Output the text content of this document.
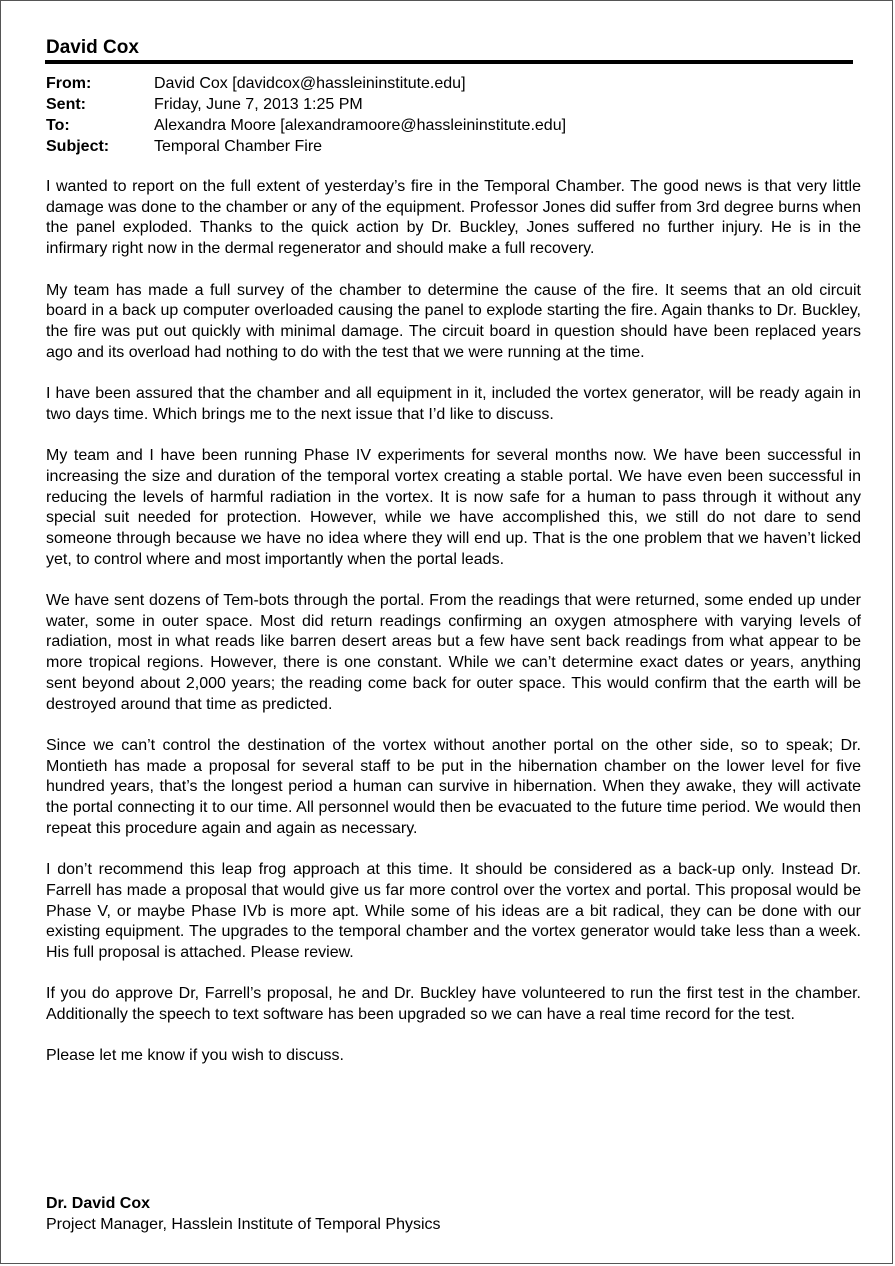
David Cox
From:	David Cox [davidcox@hassleininstitute.edu]
Sent:	Friday, June 7, 2013 1:25 PM
To:	Alexandra Moore [alexandramoore@hassleininstitute.edu]
Subject:	Temporal Chamber Fire

I wanted to report on the full extent of yesterday’s fire in the Temporal Chamber. The good news is that very little damage was done to the chamber or any of the equipment. Professor Jones did suffer from 3rd degree burns when the panel exploded. Thanks to the quick action by Dr. Buckley, Jones suffered no further injury. He is in the infirmary right now in the dermal regenerator and should make a full recovery.

My team has made a full survey of the chamber to determine the cause of the fire. It seems that an old circuit board in a back up computer overloaded causing the panel to explode starting the fire. Again thanks to Dr. Buckley, the fire was put out quickly with minimal damage. The circuit board in question should have been replaced years ago and its overload had nothing to do with the test that we were running at the time.

I have been assured that the chamber and all equipment in it, included the vortex generator, will be ready again in two days time. Which brings me to the next issue that I’d like to discuss.

My team and I have been running Phase IV experiments for several months now. We have been successful in increasing the size and duration of the temporal vortex creating a stable portal. We have even been successful in reducing the levels of harmful radiation in the vortex. It is now safe for a human to pass through it without any special suit needed for protection. However, while we have accomplished this, we still do not dare to send someone through because we have no idea where they will end up. That is the one problem that we haven’t licked yet, to control where and most importantly when the portal leads.

We have sent dozens of Tem-bots through the portal. From the readings that were returned, some ended up under water, some in outer space. Most did return readings confirming an oxygen atmosphere with varying levels of radiation, most in what reads like barren desert areas but a few have sent back readings from what appear to be more tropical regions. However, there is one constant. While we can’t determine exact dates or years, anything sent beyond about 2,000 years; the reading come back for outer space. This would confirm that the earth will be destroyed around that time as predicted.

Since we can’t control the destination of the vortex without another portal on the other side, so to speak; Dr. Montieth has made a proposal for several staff to be put in the hibernation chamber on the lower level for five hundred years, that’s the longest period a human can survive in hibernation. When they awake, they will activate the portal connecting it to our time. All personnel would then be evacuated to the future time period. We would then repeat this procedure again and again as necessary.

I don’t recommend this leap frog approach at this time. It should be considered as a back-up only. Instead Dr. Farrell has made a proposal that would give us far more control over the vortex and portal. This proposal would be Phase V, or maybe Phase IVb is more apt. While some of his ideas are a bit radical, they can be done with our existing equipment. The upgrades to the temporal chamber and the vortex generator would take less than a week. His full proposal is attached. Please review.

If you do approve Dr, Farrell’s proposal, he and Dr. Buckley have volunteered to run the first test in the chamber. Additionally the speech to text software has been upgraded so we can have a real time record for the test.

Please let me know if you wish to discuss.

Dr. David Cox
Project Manager, Hasslein Institute of Temporal Physics
